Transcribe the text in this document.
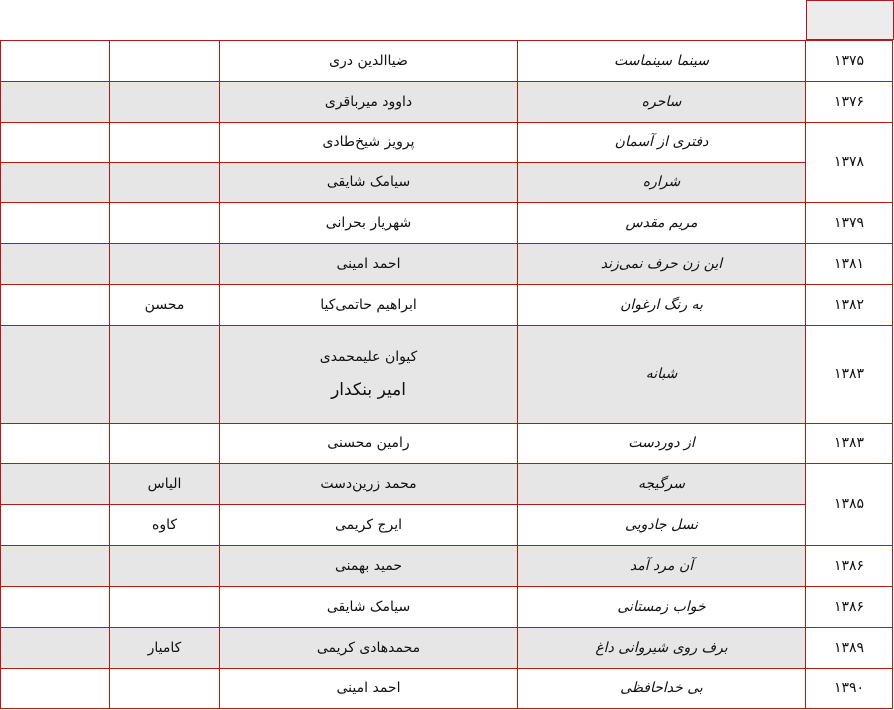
۱۳۷۵	سینما سینماست	ضیاالدین دری		
۱۳۷۶	ساحره	داوود میرباقری		
۱۳۷۸	دفتری از آسمان	پرویز شیخ‌طادی		
	شراره	سیامک شایقی		
۱۳۷۹	مریم مقدس	شهریار بحرانی		
۱۳۸۱	این زن حرف نمی‌زند	احمد امینی		
۱۳۸۲	به رنگ ارغوان	ابراهیم حاتمی‌کیا	محسن	
۱۳۸۳	شبانه	کیوان علیمحمدی
امیر بنکدار		

۱۳۸۳	از دوردست	رامین محسنی		
۱۳۸۵	سرگیجه	محمد زرین‌دست	الیاس	
	نسل جادویی	ایرج کریمی	کاوه	
۱۳۸۶	آن مرد آمد	حمید بهمنی		
۱۳۸۶	خواب زمستانی	سیامک شایقی		
۱۳۸۹	برف روی شیروانی داغ	محمدهادی کریمی	کامیار	
۱۳۹۰	بی خداحافظی	احمد امینی		
